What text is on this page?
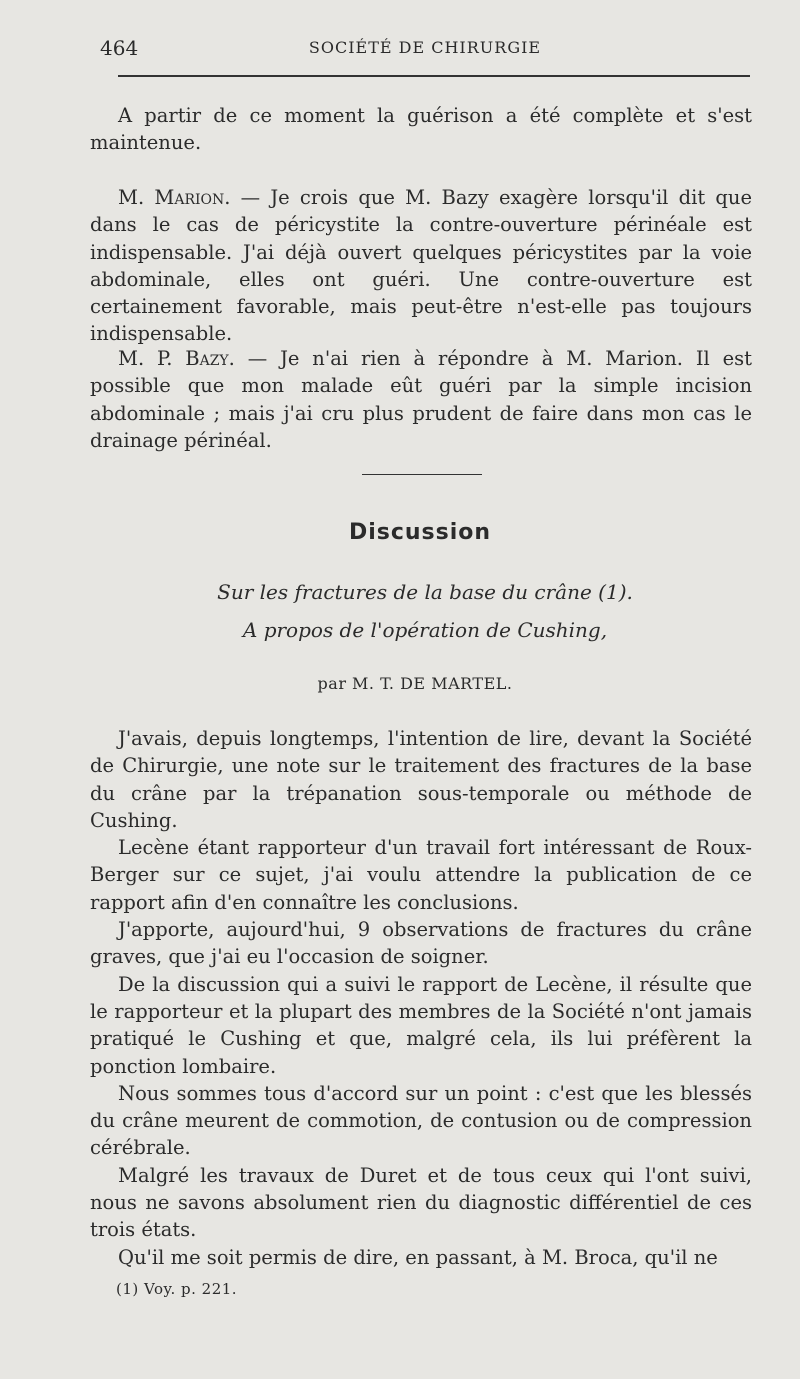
464	SOCIÉTÉ DE CHIRURGIE

A partir de ce moment la guérison a été complète et s'est maintenue.

M. Marion. — Je crois que M. Bazy exagère lorsqu'il dit que dans le cas de péricystite la contre-ouverture périnéale est indispensable. J'ai déjà ouvert quelques péricystites par la voie abdominale, elles ont guéri. Une contre-ouverture est certainement favorable, mais peut-être n'est-elle pas toujours indispensable.

M. P. Bazy. — Je n'ai rien à répondre à M. Marion. Il est possible que mon malade eût guéri par la simple incision abdominale ; mais j'ai cru plus prudent de faire dans mon cas le drainage périnéal.

Discussion
Sur les fractures de la base du crâne (1).
A propos de l'opération de Cushing,
par M. T. DE MARTEL.

J'avais, depuis longtemps, l'intention de lire, devant la Société de Chirurgie, une note sur le traitement des fractures de la base du crâne par la trépanation sous-temporale ou méthode de Cushing.

Lecène étant rapporteur d'un travail fort intéressant de Roux-Berger sur ce sujet, j'ai voulu attendre la publication de ce rapport afin d'en connaître les conclusions.

J'apporte, aujourd'hui, 9 observations de fractures du crâne graves, que j'ai eu l'occasion de soigner.

De la discussion qui a suivi le rapport de Lecène, il résulte que le rapporteur et la plupart des membres de la Société n'ont jamais pratiqué le Cushing et que, malgré cela, ils lui préfèrent la ponction lombaire.

Nous sommes tous d'accord sur un point : c'est que les blessés du crâne meurent de commotion, de contusion ou de compression cérébrale.

Malgré les travaux de Duret et de tous ceux qui l'ont suivi, nous ne savons absolument rien du diagnostic différentiel de ces trois états.

Qu'il me soit permis de dire, en passant, à M. Broca, qu'il ne

(1) Voy. p. 221.
